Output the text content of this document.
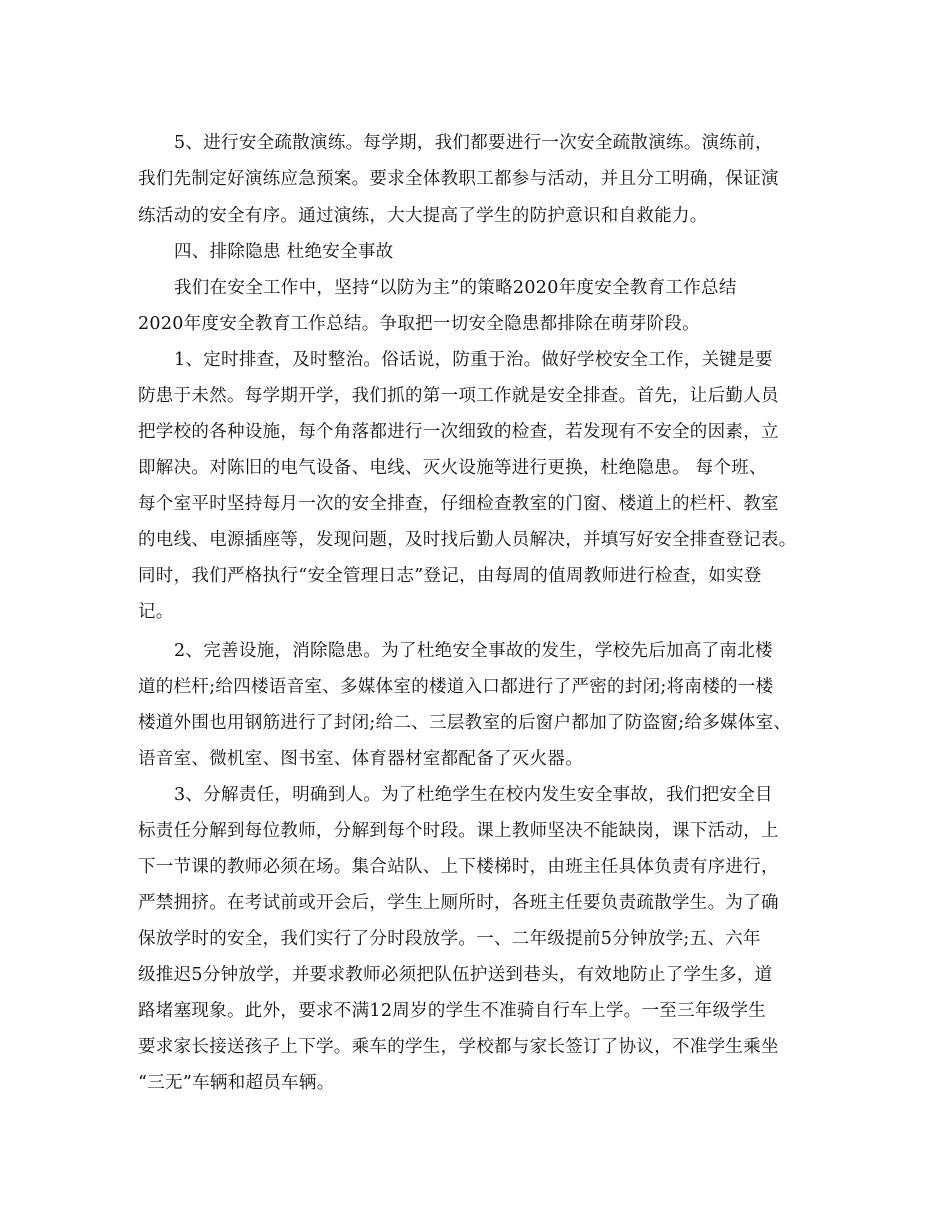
5、进行安全疏散演练。每学期，我们都要进行一次安全疏散演练。演练前，
我们先制定好演练应急预案。要求全体教职工都参与活动，并且分工明确，保证演
练活动的安全有序。通过演练，大大提高了学生的防护意识和自救能力。
四、排除隐患 杜绝安全事故
我们在安全工作中，坚持“以防为主”的策略2020年度安全教育工作总结
2020年度安全教育工作总结。争取把一切安全隐患都排除在萌芽阶段。
1、定时排查，及时整治。俗话说，防重于治。做好学校安全工作，关键是要
防患于未然。每学期开学，我们抓的第一项工作就是安全排查。首先，让后勤人员
把学校的各种设施，每个角落都进行一次细致的检查，若发现有不安全的因素，立
即解决。对陈旧的电气设备、电线、灭火设施等进行更换，杜绝隐患。 每个班、
每个室平时坚持每月一次的安全排查，仔细检查教室的门窗、楼道上的栏杆、教室
的电线、电源插座等，发现问题，及时找后勤人员解决，并填写好安全排查登记表。
同时，我们严格执行“安全管理日志”登记，由每周的值周教师进行检查，如实登
记。
2、完善设施，消除隐患。为了杜绝安全事故的发生，学校先后加高了南北楼
道的栏杆;给四楼语音室、多媒体室的楼道入口都进行了严密的封闭;将南楼的一楼
楼道外围也用钢筋进行了封闭;给二、三层教室的后窗户都加了防盗窗;给多媒体室、
语音室、微机室、图书室、体育器材室都配备了灭火器。
3、分解责任，明确到人。为了杜绝学生在校内发生安全事故，我们把安全目
标责任分解到每位教师，分解到每个时段。课上教师坚决不能缺岗，课下活动，上
下一节课的教师必须在场。集合站队、上下楼梯时，由班主任具体负责有序进行，
严禁拥挤。在考试前或开会后，学生上厕所时，各班主任要负责疏散学生。为了确
保放学时的安全，我们实行了分时段放学。一、二年级提前5分钟放学;五、六年
级推迟5分钟放学，并要求教师必须把队伍护送到巷头，有效地防止了学生多，道
路堵塞现象。此外，要求不满12周岁的学生不准骑自行车上学。一至三年级学生
要求家长接送孩子上下学。乘车的学生，学校都与家长签订了协议，不准学生乘坐
“三无”车辆和超员车辆。
